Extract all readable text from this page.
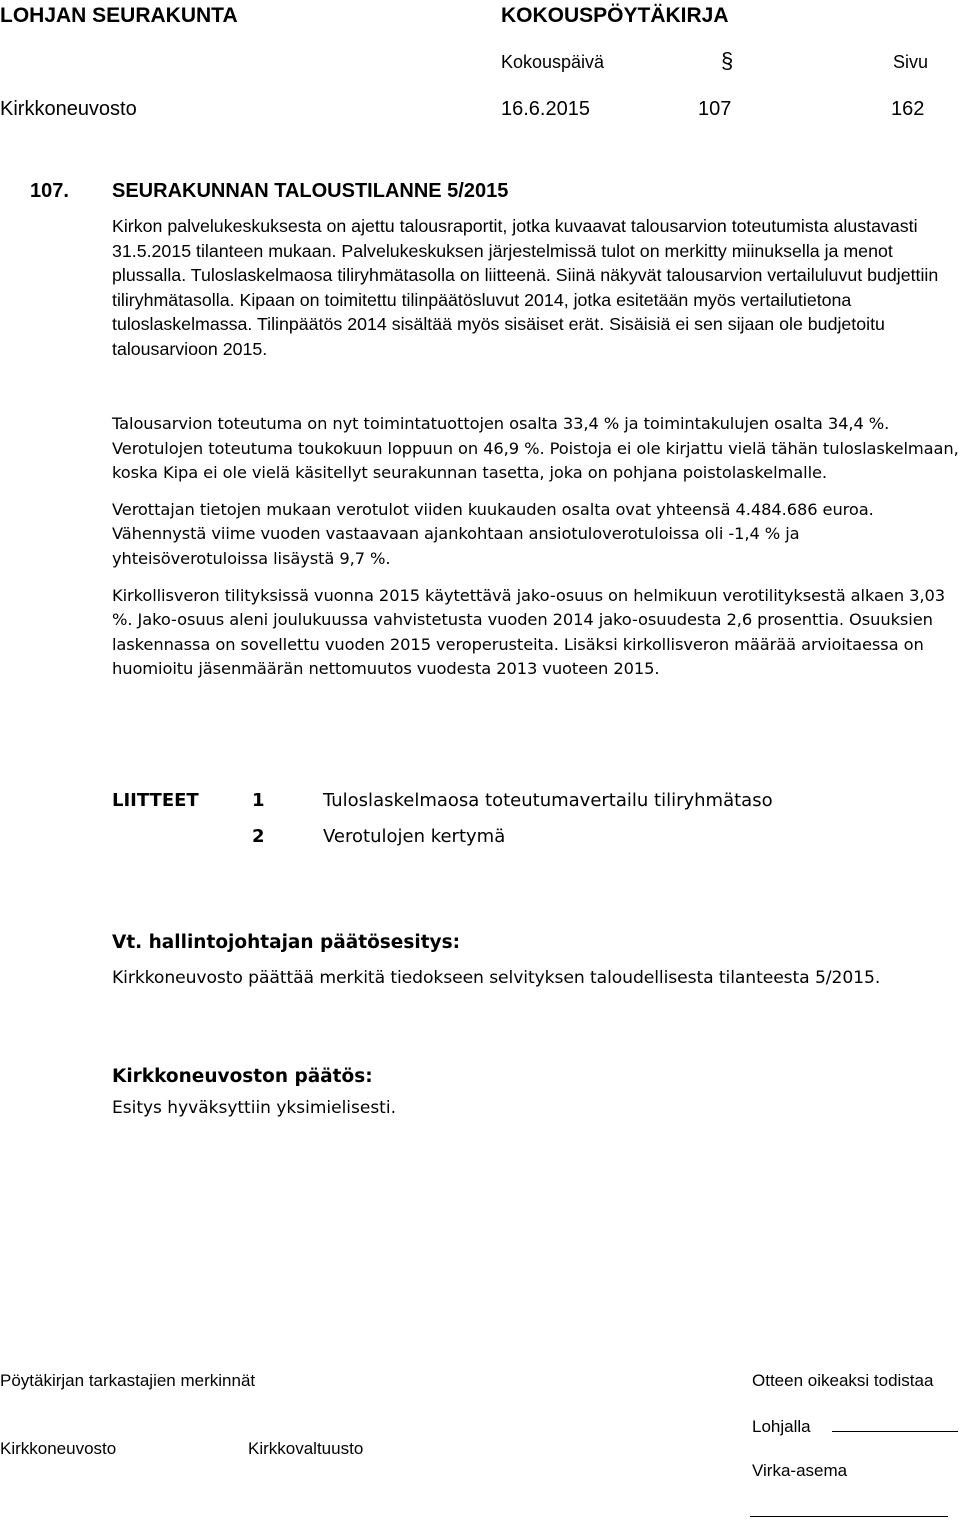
LOHJAN SEURAKUNTA	KOKOUSPÖYTÄKIRJA
Kokouspäivä	§	Sivu
Kirkkoneuvosto	16.6.2015	107	162
107. SEURAKUNNAN TALOUSTILANNE 5/2015

Kirkon palvelukeskuksesta on ajettu talousraportit, jotka kuvaavat talousarvion toteutumista alustavasti 31.5.2015 tilanteen mukaan. Palvelukeskuksen järjestelmissä tulot on merkitty miinuksella ja menot plussalla. Tuloslaskelmaosa tiliryhmätasolla on liitteenä. Siinä näkyvät talousarvion vertailuluvut budjettiin tiliryhmätasolla. Kipaan on toimitettu tilinpäätösluvut 2014, jotka esitetään myös vertailutietona tuloslaskelmassa. Tilinpäätös 2014 sisältää myös sisäiset erät. Sisäisiä ei sen sijaan ole budjetoitu talousarvioon 2015.

Talousarvion toteutuma on nyt toimintatuottojen osalta 33,4 % ja toimintakulujen osalta 34,4 %. Verotulojen toteutuma toukokuun loppuun on 46,9 %. Poistoja ei ole kirjattu vielä tähän tuloslaskelmaan, koska Kipa ei ole vielä käsitellyt seurakunnan tasetta, joka on pohjana poistolaskelmalle.

Verottajan tietojen mukaan verotulot viiden kuukauden osalta ovat yhteensä 4.484.686 euroa. Vähennystä viime vuoden vastaavaan ajankohtaan ansiotuloverotuloissa oli -1,4 % ja yhteisöverotuloissa lisäystä 9,7 %.

Kirkollisveron tilityksissä vuonna 2015 käytettävä jako-osuus on helmikuun verotilityksestä alkaen 3,03 %. Jako-osuus aleni joulukuussa vahvistetusta vuoden 2014 jako-osuudesta 2,6 prosenttia. Osuuksien laskennassa on sovellettu vuoden 2015 veroperusteita. Lisäksi kirkollisveron määrää arvioitaessa on huomioitu jäsenmäärän nettomuutos vuodesta 2013 vuoteen 2015.

LIITTEET	1	Tuloslaskelmaosa toteutumavertailu tiliryhmätaso
2	Verotulojen kertymä
Vt. hallintojohtajan päätösesitys:
Kirkkoneuvosto päättää merkitä tiedokseen selvityksen taloudellisesta tilanteesta 5/2015.
Kirkkoneuvoston päätös:
Esitys hyväksyttiin yksimielisesti.
Pöytäkirjan tarkastajien merkinnät	Otteen oikeaksi todistaa
Lohjalla
Kirkkoneuvosto	Kirkkovaltuusto
Virka-asema
